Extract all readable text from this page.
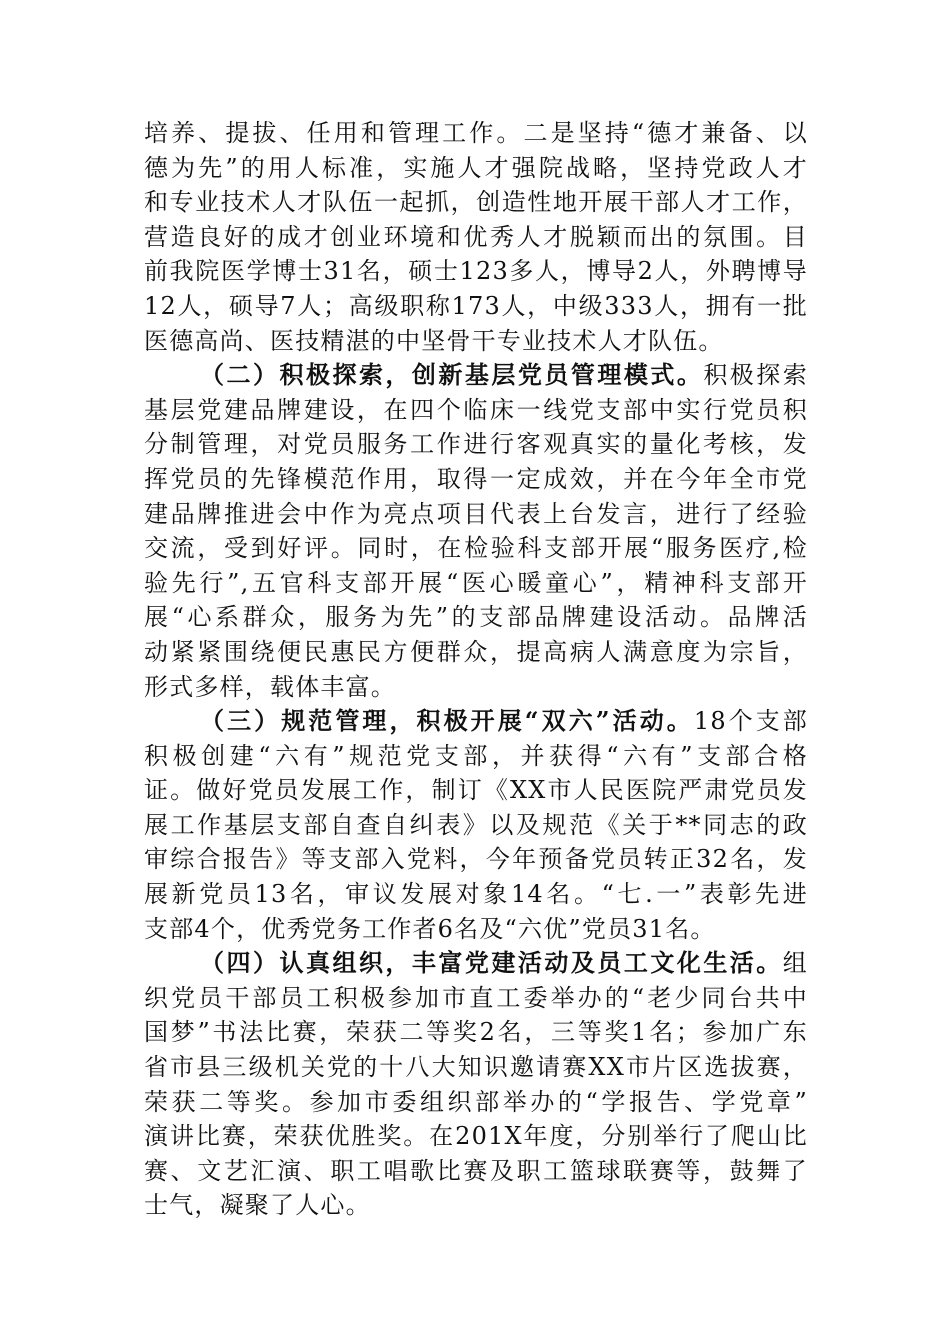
培养、提拔、任用和管理工作。二是坚持“德才兼备、以
德为先”的用人标准，实施人才强院战略，坚持党政人才
和专业技术人才队伍一起抓，创造性地开展干部人才工作，
营造良好的成才创业环境和优秀人才脱颖而出的氛围。目
前我院医学博士31名，硕士123多人，博导2人，外聘博导
12人，硕导7人；高级职称173人，中级333人，拥有一批
医德高尚、医技精湛的中坚骨干专业技术人才队伍。
（二）积极探索，创新基层党员管理模式。积极探索
基层党建品牌建设，在四个临床一线党支部中实行党员积
分制管理，对党员服务工作进行客观真实的量化考核，发
挥党员的先锋模范作用，取得一定成效，并在今年全市党
建品牌推进会中作为亮点项目代表上台发言，进行了经验
交流，受到好评。同时，在检验科支部开展“服务医疗,检
验先行”,五官科支部开展“医心暖童心”，精神科支部开
展“心系群众，服务为先”的支部品牌建设活动。品牌活
动紧紧围绕便民惠民方便群众，提高病人满意度为宗旨，
形式多样，载体丰富。
（三）规范管理，积极开展“双六”活动。18个支部
积极创建“六有”规范党支部，并获得“六有”支部合格
证。做好党员发展工作，制订《XX市人民医院严肃党员发
展工作基层支部自查自纠表》以及规范《关于**同志的政
审综合报告》等支部入党料，今年预备党员转正32名，发
展新党员13名，审议发展对象14名。“七.一”表彰先进
支部4个，优秀党务工作者6名及“六优”党员31名。
（四）认真组织，丰富党建活动及员工文化生活。组
织党员干部员工积极参加市直工委举办的“老少同台共中
国梦”书法比赛，荣获二等奖2名，三等奖1名；参加广东
省市县三级机关党的十八大知识邀请赛XX市片区选拔赛，
荣获二等奖。参加市委组织部举办的“学报告、学党章”
演讲比赛，荣获优胜奖。在201X年度，分别举行了爬山比
赛、文艺汇演、职工唱歌比赛及职工篮球联赛等，鼓舞了
士气，凝聚了人心。
